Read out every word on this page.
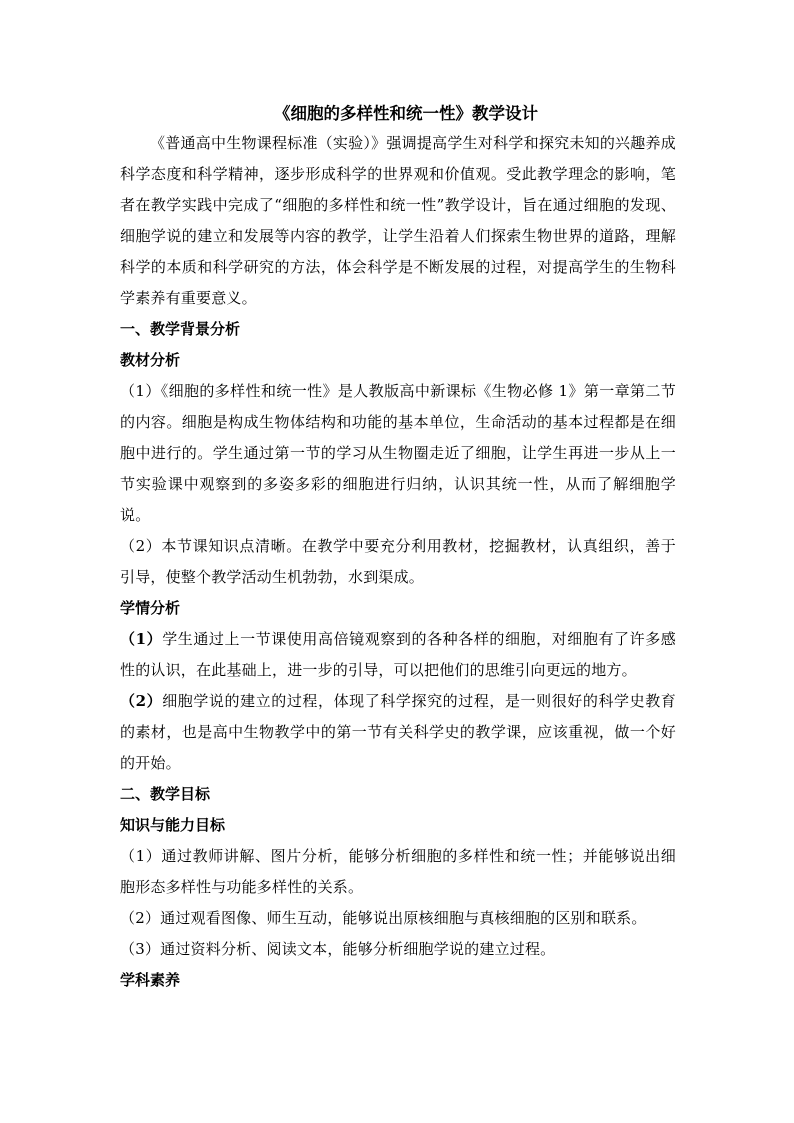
《细胞的多样性和统一性》教学设计

《普通高中生物课程标准（实验）》强调提高学生对科学和探究未知的兴趣养成科学态度和科学精神，逐步形成科学的世界观和价值观。受此教学理念的影响，笔者在教学实践中完成了“细胞的多样性和统一性”教学设计，旨在通过细胞的发现、细胞学说的建立和发展等内容的教学，让学生沿着人们探索生物世界的道路，理解科学的本质和科学研究的方法，体会科学是不断发展的过程，对提高学生的生物科学素养有重要意义。

一、教学背景分析

教材分析

（1）《细胞的多样性和统一性》是人教版高中新课标《生物必修 1》第一章第二节的内容。细胞是构成生物体结构和功能的基本单位，生命活动的基本过程都是在细胞中进行的。学生通过第一节的学习从生物圈走近了细胞，让学生再进一步从上一节实验课中观察到的多姿多彩的细胞进行归纳，认识其统一性，从而了解细胞学说。

（2）本节课知识点清晰。在教学中要充分利用教材，挖掘教材，认真组织，善于引导，使整个教学活动生机勃勃，水到渠成。

学情分析

（1）学生通过上一节课使用高倍镜观察到的各种各样的细胞，对细胞有了许多感性的认识，在此基础上，进一步的引导，可以把他们的思维引向更远的地方。

（2）细胞学说的建立的过程，体现了科学探究的过程，是一则很好的科学史教育的素材，也是高中生物教学中的第一节有关科学史的教学课，应该重视，做一个好的开始。

二、教学目标

知识与能力目标

（1）通过教师讲解、图片分析，能够分析细胞的多样性和统一性；并能够说出细胞形态多样性与功能多样性的关系。

（2）通过观看图像、师生互动，能够说出原核细胞与真核细胞的区别和联系。

（3）通过资料分析、阅读文本，能够分析细胞学说的建立过程。

学科素养
